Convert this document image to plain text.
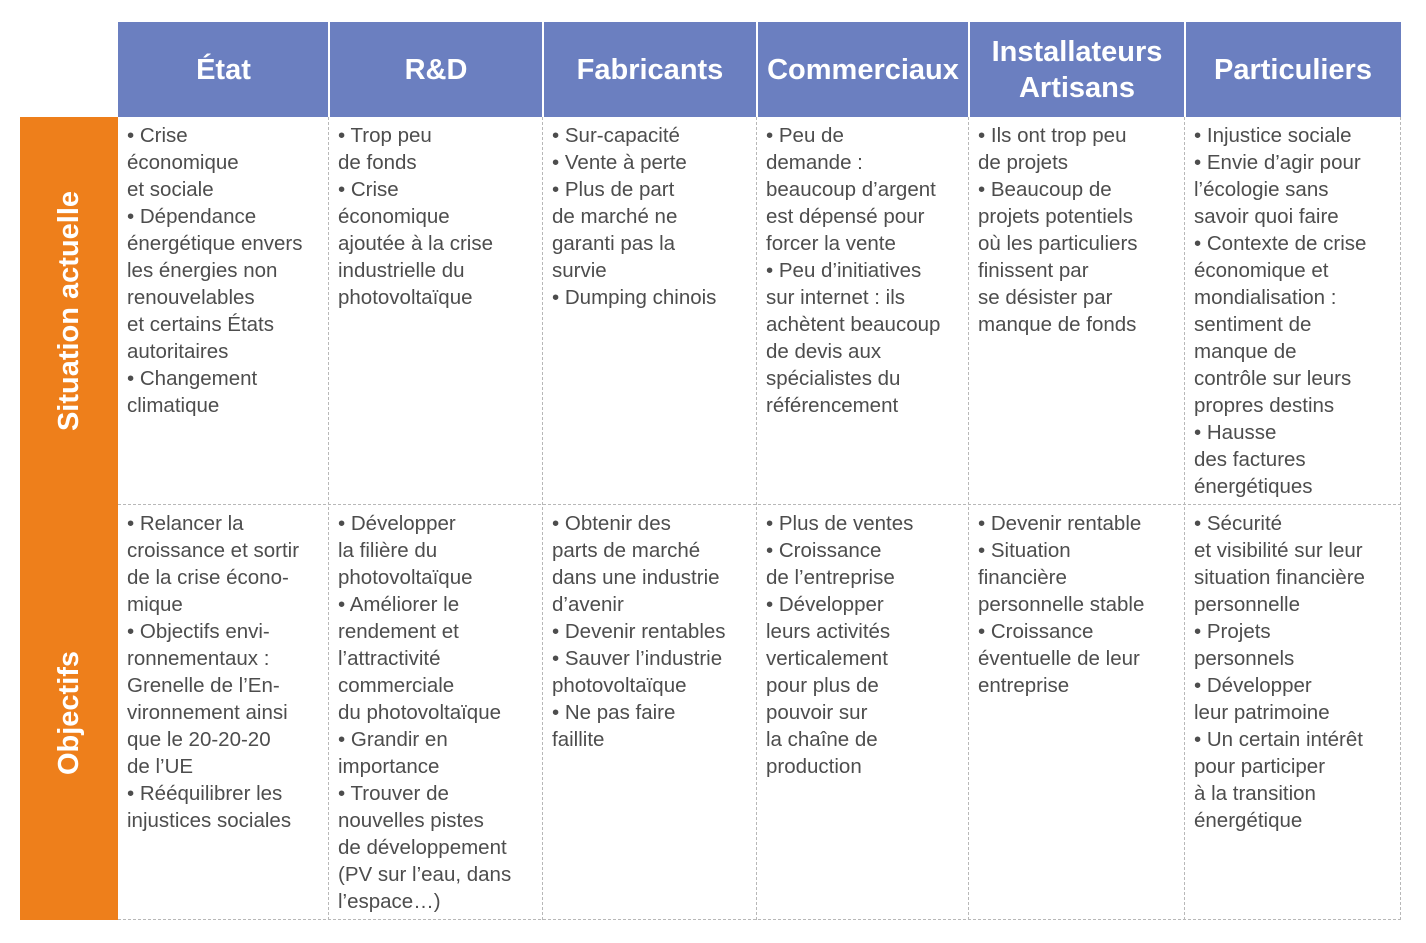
État	R&D	Fabricants Commerciaux
Installateurs
Artisans
Particuliers
Situation actuelle
• Crise
économique
et sociale
• Dépendance
énergétique envers
les énergies non
renouvelables
et certains États
autoritaires
• Changement
climatique
• Trop peu
de fonds
• Crise
économique
ajoutée à la crise
industrielle du
photovoltaïque
• Sur-capacité
• Vente à perte
• Plus de part
de marché ne
garanti pas la
survie
• Dumping chinois
• Peu de
demande :
beaucoup d’argent
est dépensé pour
forcer la vente
• Peu d’initiatives
sur internet : ils
achètent beaucoup
de devis aux
spécialistes du
référencement
• Ils ont trop peu
de projets
• Beaucoup de
projets potentiels
où les particuliers
finissent par
se désister par
manque de fonds
• Injustice sociale
• Envie d’agir pour
l’écologie sans
savoir quoi faire
• Contexte de crise
économique et
mondialisation :
sentiment de
manque de
contrôle sur leurs
propres destins
• Hausse
des factures
énergétiques
Objectifs
• Relancer la
croissance et sortir
de la crise écono-
mique
• Objectifs envi-
ronnementaux :
Grenelle de l’En-
vironnement ainsi
que le 20-20-20
de l’UE
• Rééquilibrer les
injustices sociales
• Développer
la filière du
photovoltaïque
• Améliorer le
rendement et
l’attractivité
commerciale
du photovoltaïque
• Grandir en
importance
• Trouver de
nouvelles pistes
de développement
(PV sur l’eau, dans
l’espace…)
• Obtenir des
parts de marché
dans une industrie
d’avenir
• Devenir rentables
• Sauver l’industrie
photovoltaïque
• Ne pas faire
faillite
• Plus de ventes
• Croissance
de l’entreprise
• Développer
leurs activités
verticalement
pour plus de
pouvoir sur
la chaîne de
production
• Devenir rentable
• Situation
financière
personnelle stable
• Croissance
éventuelle de leur
entreprise
• Sécurité
et visibilité sur leur
situation financière
personnelle
• Projets
personnels
• Développer
leur patrimoine
• Un certain intérêt
pour participer
à la transition
énergétique
